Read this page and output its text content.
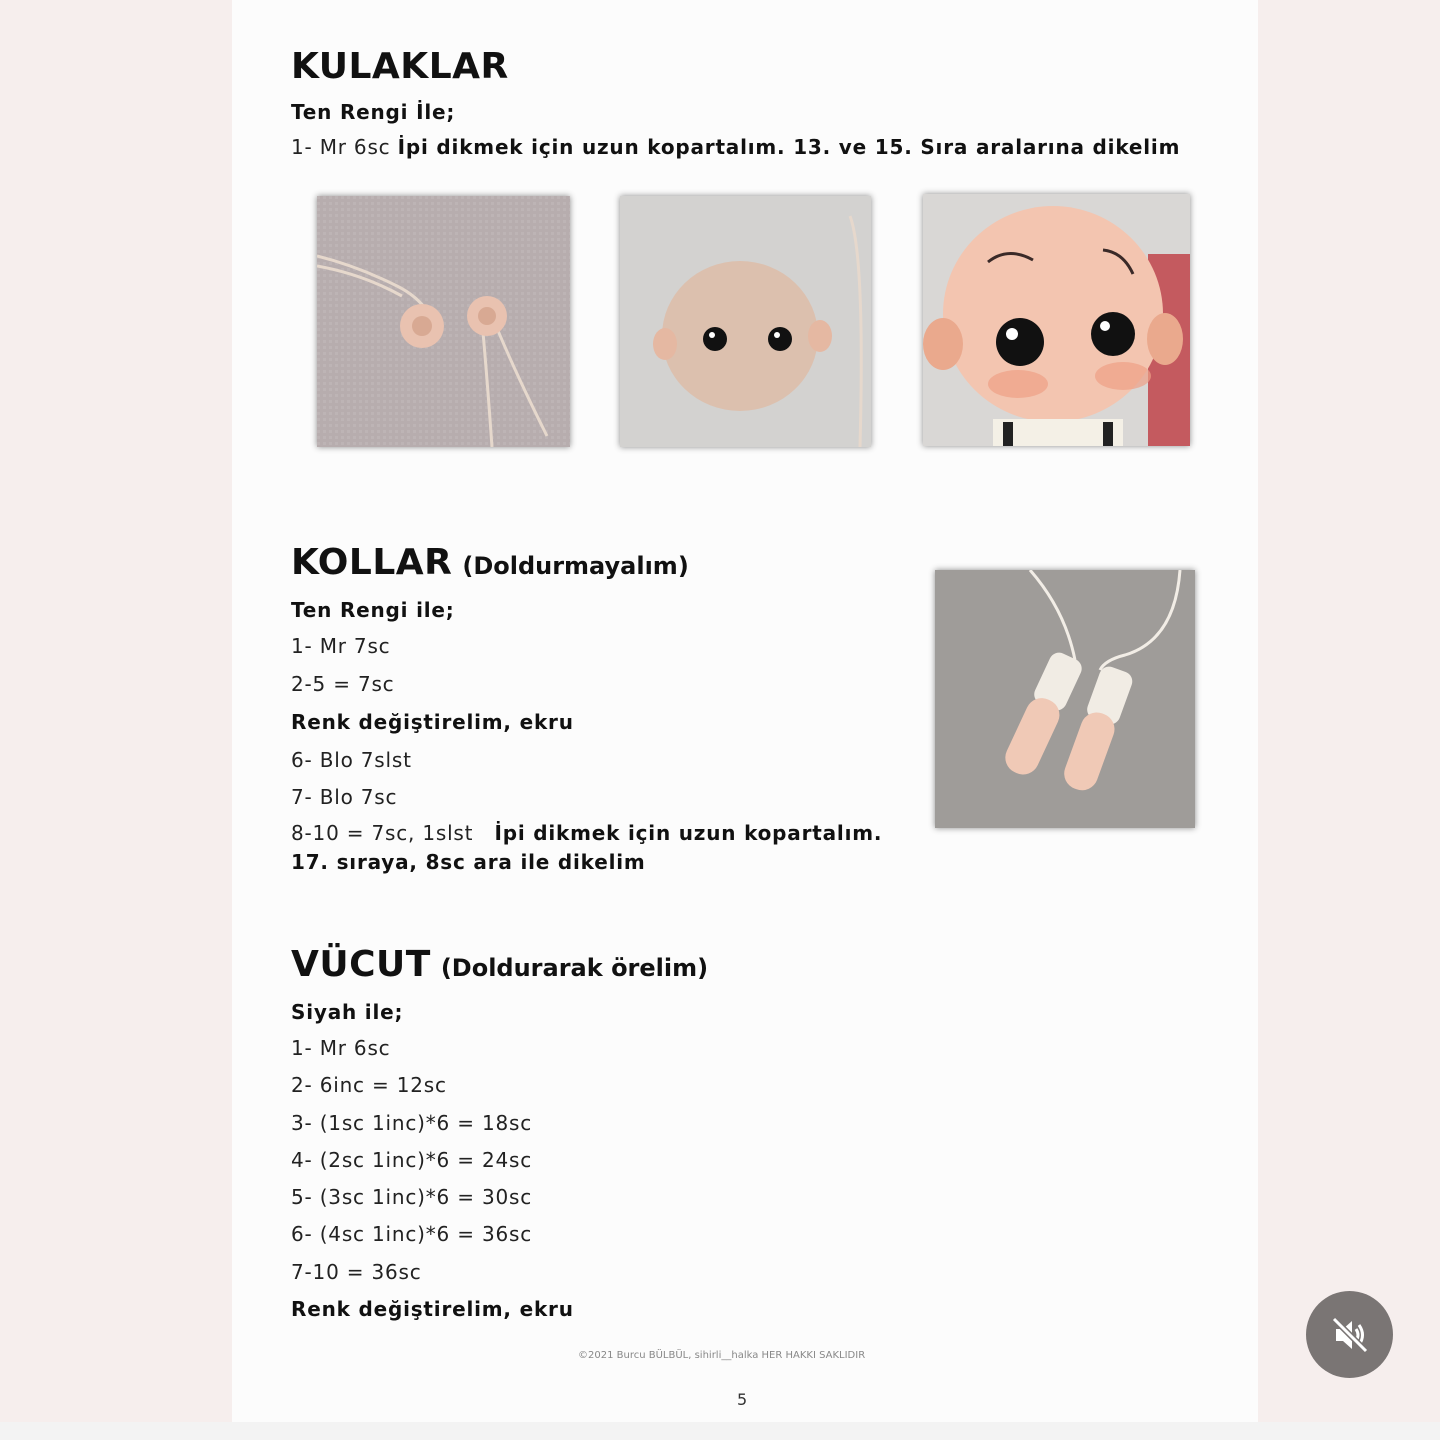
KULAKLAR
Ten Rengi İle;
1- Mr 6sc İpi dikmek için uzun kopartalım. 13. ve 15. Sıra aralarına dikelim
KOLLAR (Doldurmayalım)
Ten Rengi ile;
1- Mr 7sc
2-5 = 7sc
Renk değiştirelim, ekru
6- Blo 7slst
7- Blo 7sc
8-10 = 7sc, 1slst İpi dikmek için uzun kopartalım.
17. sıraya, 8sc ara ile dikelim
VÜCUT (Doldurarak örelim)
Siyah ile;
1- Mr 6sc
2- 6inc = 12sc
3- (1sc 1inc)*6 = 18sc
4- (2sc 1inc)*6 = 24sc
5- (3sc 1inc)*6 = 30sc
6- (4sc 1inc)*6 = 36sc
7-10 = 36sc
Renk değiştirelim, ekru
©2021 Burcu BÜLBÜL, sihirli__halka HER HAKKI SAKLIDIR
5
